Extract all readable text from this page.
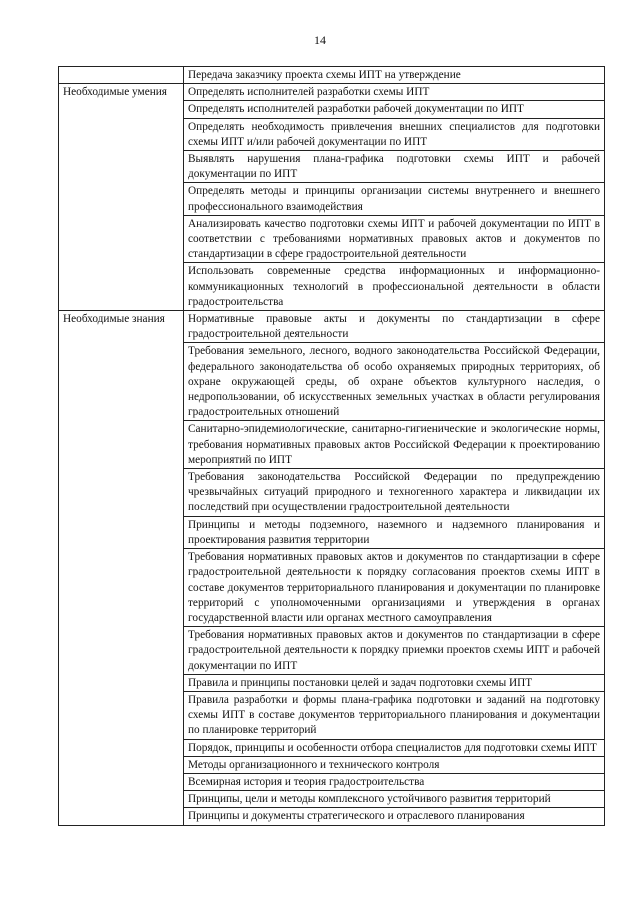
14
	Передача заказчику проекта схемы ИПТ на утверждение
Необходимые умения	Определять исполнителей разработки схемы ИПТ
	Определять исполнителей разработки рабочей документации по ИПТ
	Определять необходимость привлечения внешних специалистов для подготовки схемы ИПТ и/или рабочей документации по ИПТ
	Выявлять нарушения плана-графика подготовки схемы ИПТ и рабочей документации по ИПТ
	Определять методы и принципы организации системы внутреннего и внешнего профессионального взаимодействия
	Анализировать качество подготовки схемы ИПТ и рабочей документации по ИПТ в соответствии с требованиями нормативных правовых актов и документов по стандартизации в сфере градостроительной деятельности
	Использовать современные средства информационных и информационно-коммуникационных технологий в профессиональной деятельности в области градостроительства
Необходимые знания	Нормативные правовые акты и документы по стандартизации в сфере градостроительной деятельности
	Требования земельного, лесного, водного законодательства Российской Федерации, федерального законодательства об особо охраняемых природных территориях, об охране окружающей среды, об охране объектов культурного наследия, о недропользовании, об искусственных земельных участках в области регулирования градостроительных отношений
	Санитарно-эпидемиологические, санитарно-гигиенические и экологические нормы, требования нормативных правовых актов Российской Федерации к проектированию мероприятий по ИПТ
	Требования законодательства Российской Федерации по предупреждению чрезвычайных ситуаций природного и техногенного характера и ликвидации их последствий при осуществлении градостроительной деятельности
	Принципы и методы подземного, наземного и надземного планирования и проектирования развития территории
	Требования нормативных правовых актов и документов по стандартизации в сфере градостроительной деятельности к порядку согласования проектов схемы ИПТ в составе документов территориального планирования и документации по планировке территорий с уполномоченными организациями и утверждения в органах государственной власти или органах местного самоуправления
	Требования нормативных правовых актов и документов по стандартизации в сфере градостроительной деятельности к порядку приемки проектов схемы ИПТ и рабочей документации по ИПТ
	Правила и принципы постановки целей и задач подготовки схемы ИПТ
	Правила разработки и формы плана-графика подготовки и заданий на подготовку схемы ИПТ в составе документов территориального планирования и документации по планировке территорий
	Порядок, принципы и особенности отбора специалистов для подготовки схемы ИПТ
	Методы организационного и технического контроля
	Всемирная история и теория градостроительства
	Принципы, цели и методы комплексного устойчивого развития территорий
	Принципы и документы стратегического и отраслевого планирования
